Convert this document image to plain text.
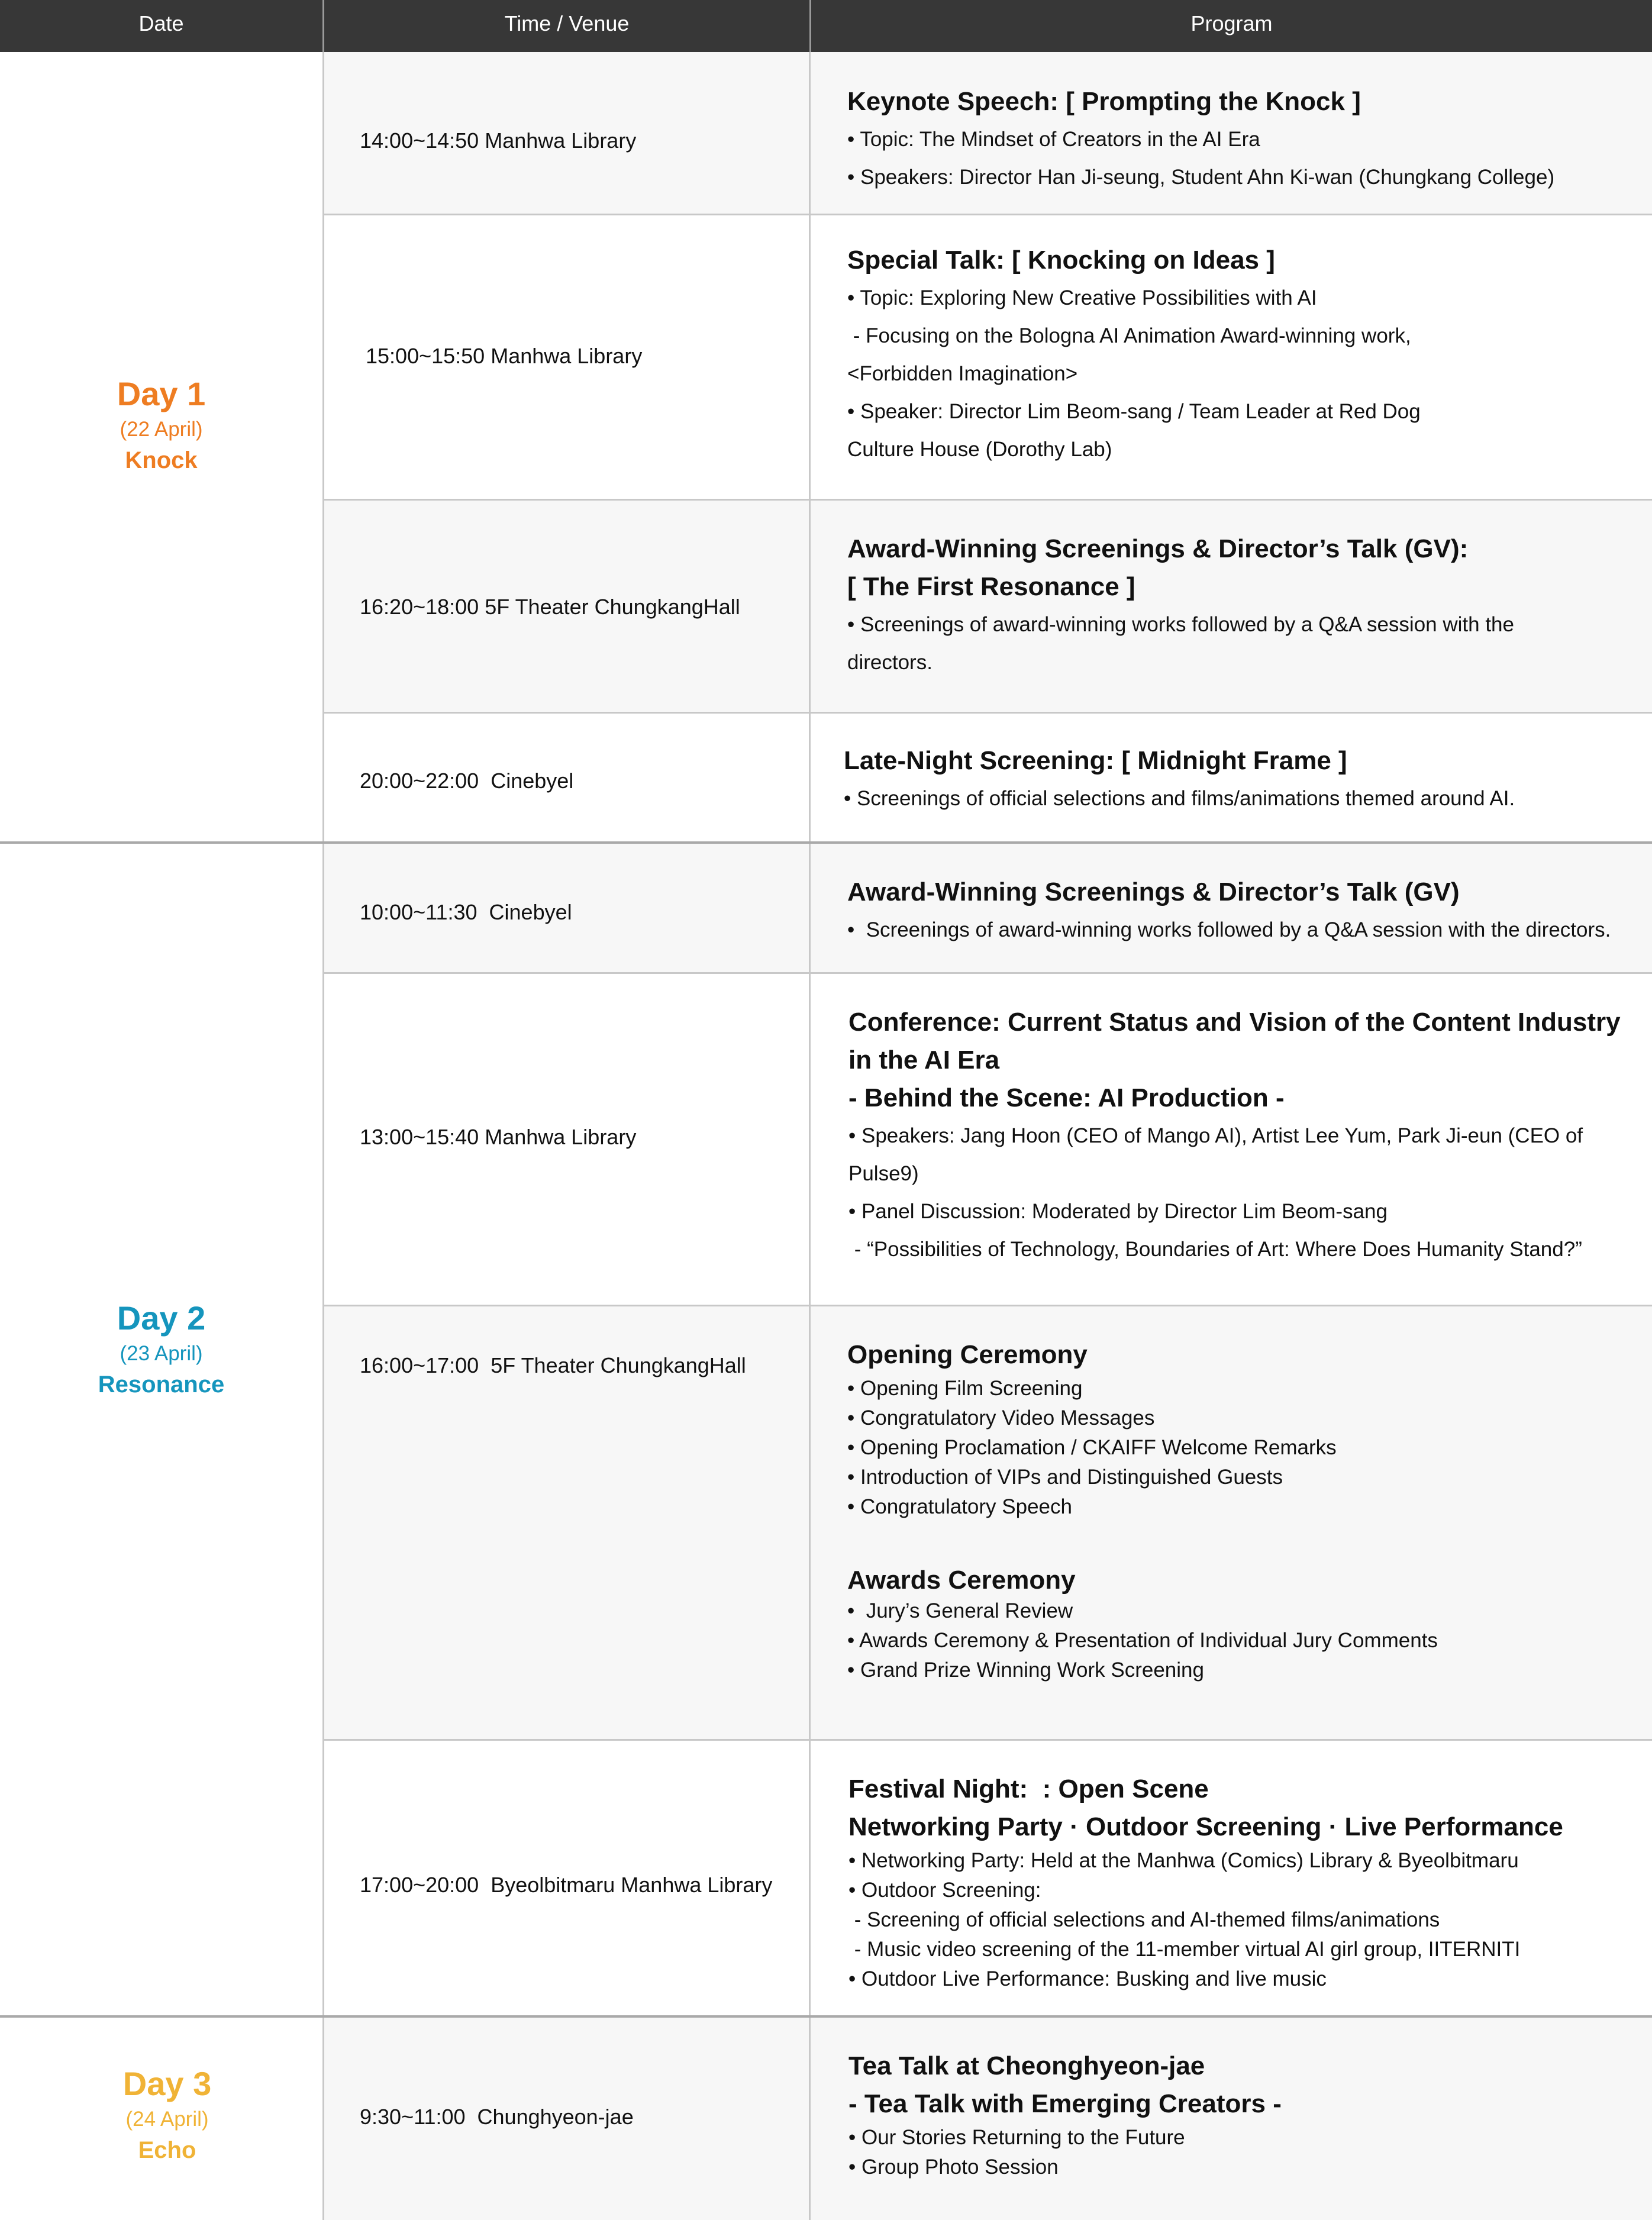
Date	Time / Venue	Program
Day 1
(22 April)
Knock
Day 2
(23 April)
Resonance
Day 3
(24 April)
Echo
14:00~14:50 Manhwa Library
15:00~15:50 Manhwa Library
16:20~18:00 5F Theater ChungkangHall
20:00~22:00  Cinebyel
10:00~11:30  Cinebyel
13:00~15:40 Manhwa Library
16:00~17:00  5F Theater ChungkangHall
17:00~20:00  Byeolbitmaru Manhwa Library
9:30~11:00  Chunghyeon-jae
Keynote Speech: [ Prompting the Knock ]
• Topic: The Mindset of Creators in the AI Era
• Speakers: Director Han Ji-seung, Student Ahn Ki-wan (Chungkang College)
Special Talk: [ Knocking on Ideas ]
• Topic: Exploring New Creative Possibilities with AI
- Focusing on the Bologna AI Animation Award-winning work,
<Forbidden Imagination>
• Speaker: Director Lim Beom-sang / Team Leader at Red Dog
Culture House (Dorothy Lab)
Award-Winning Screenings & Director’s Talk (GV):
[ The First Resonance ]
• Screenings of award-winning works followed by a Q&A session with the
directors.
Late-Night Screening: [ Midnight Frame ]
• Screenings of official selections and films/animations themed around AI.
Award-Winning Screenings & Director’s Talk (GV)
•  Screenings of award-winning works followed by a Q&A session with the directors.
Conference: Current Status and Vision of the Content Industry
in the AI Era
- Behind the Scene: AI Production -
• Speakers: Jang Hoon (CEO of Mango AI), Artist Lee Yum, Park Ji-eun (CEO of
Pulse9)
• Panel Discussion: Moderated by Director Lim Beom-sang
- “Possibilities of Technology, Boundaries of Art: Where Does Humanity Stand?”
Opening Ceremony
• Opening Film Screening
• Congratulatory Video Messages
• Opening Proclamation / CKAIFF Welcome Remarks
• Introduction of VIPs and Distinguished Guests
• Congratulatory Speech
Awards Ceremony
•  Jury’s General Review
• Awards Ceremony & Presentation of Individual Jury Comments
• Grand Prize Winning Work Screening
Festival Night:  : Open Scene
Networking Party · Outdoor Screening · Live Performance
• Networking Party: Held at the Manhwa (Comics) Library & Byeolbitmaru
• Outdoor Screening:
- Screening of official selections and AI-themed films/animations
- Music video screening of the 11-member virtual AI girl group, IITERNITI
• Outdoor Live Performance: Busking and live music
Tea Talk at Cheonghyeon-jae
- Tea Talk with Emerging Creators -
• Our Stories Returning to the Future
• Group Photo Session
